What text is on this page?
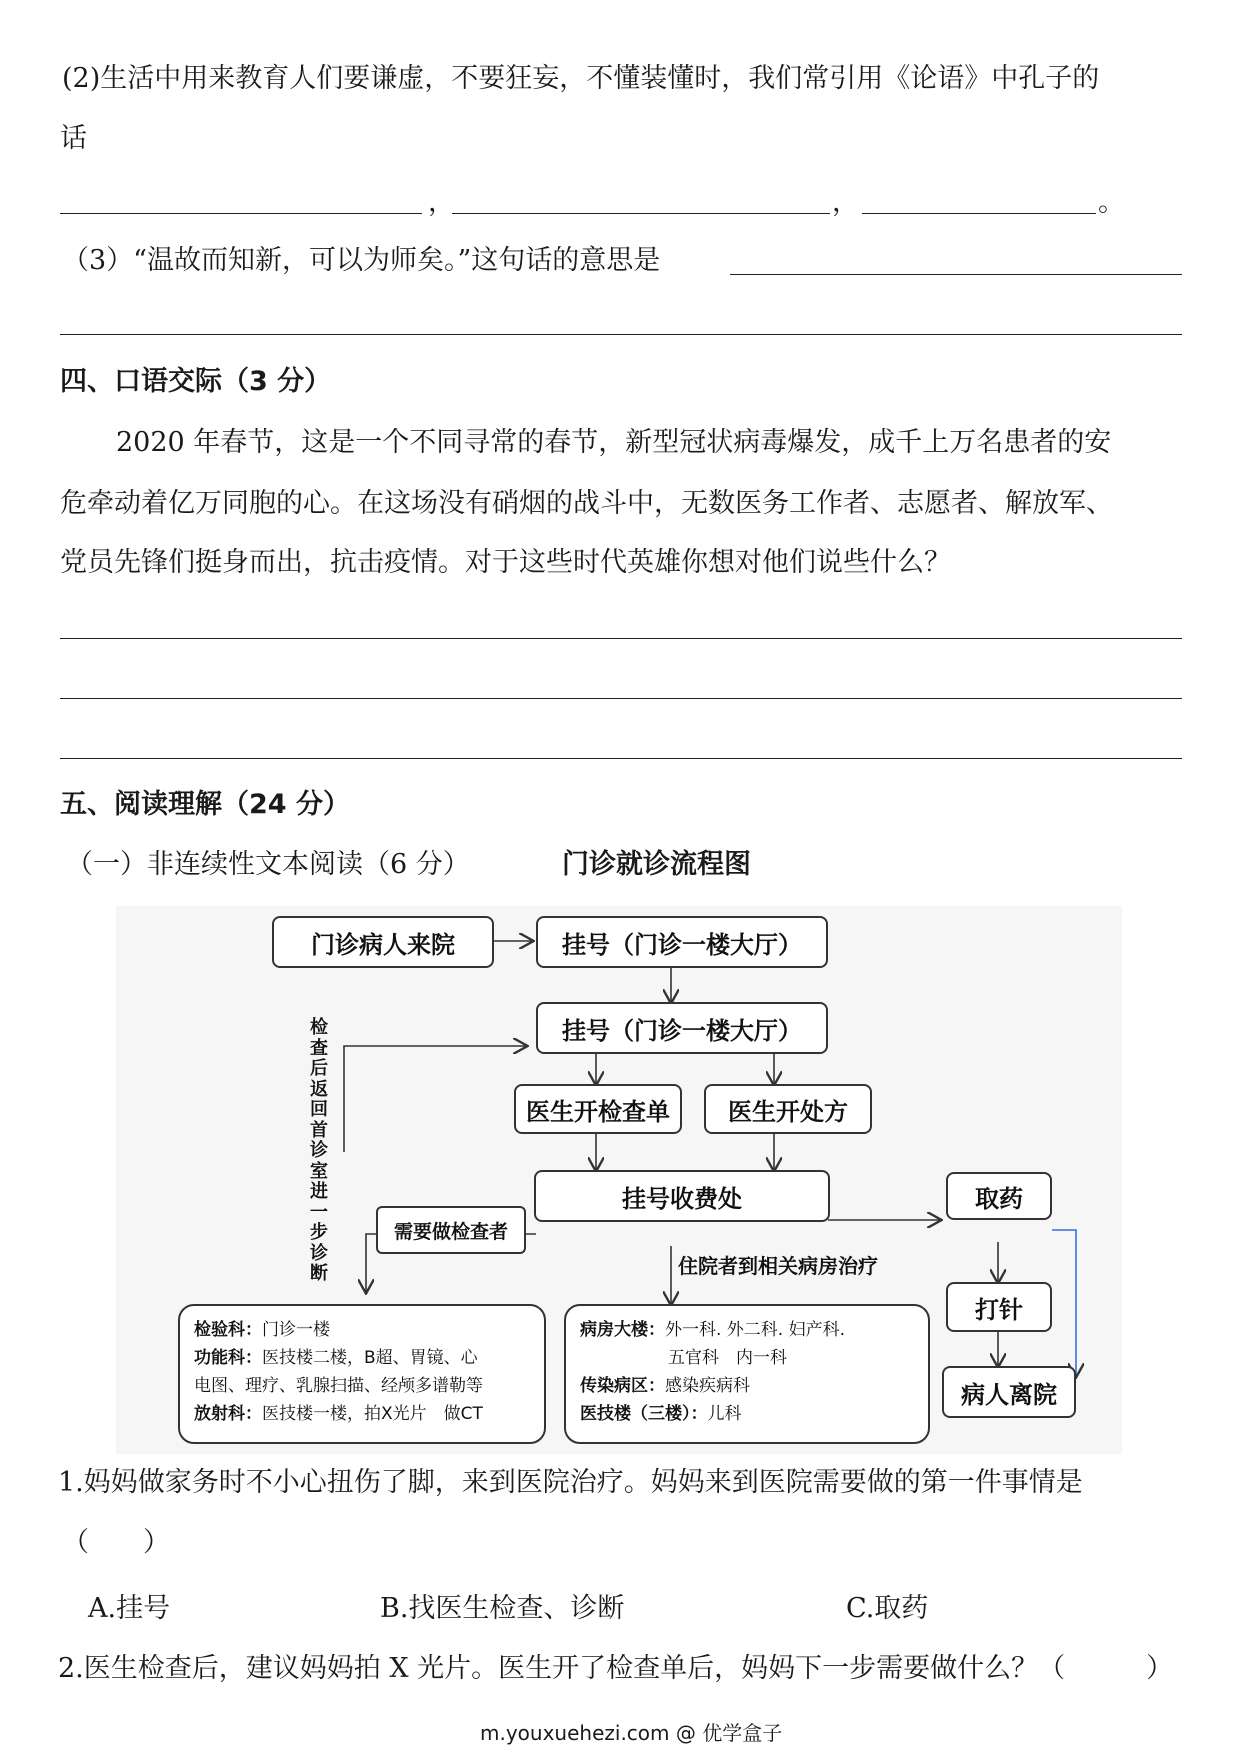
(2)生活中用来教育人们要谦虚，不要狂妄，不懂装懂时，我们常引用《论语》中孔子的
话
，	，	。
（3）“温故而知新，可以为师矣。”这句话的意思是
四、口语交际（3 分）
2020 年春节，这是一个不同寻常的春节，新型冠状病毒爆发，成千上万名患者的安
危牵动着亿万同胞的心。在这场没有硝烟的战斗中，无数医务工作者、志愿者、解放军、
党员先锋们挺身而出，抗击疫情。对于这些时代英雄你想对他们说些什么？
五、阅读理解（24 分）
（一）非连续性文本阅读（6 分）	门诊就诊流程图
门诊病人来院	挂号（门诊一楼大厅）
挂号（门诊一楼大厅）
医生开检查单	医生开处方
挂号收费处	取药
打针
病人离院
需要做检查者
住院者到相关病房治疗
检查后返回首诊室进一步诊断
检验科：门诊一楼
功能科：医技楼二楼，B超、胃镜、心
电图、理疗、乳腺扫描、经颅多谱勒等
放射科：医技楼一楼，拍X光片　做CT
病房大楼：外一科. 外二科. 妇产科.
五官科　内一科
传染病区：感染疾病科
医技楼（三楼）：儿科
1.妈妈做家务时不小心扭伤了脚，来到医院治疗。妈妈来到医院需要做的第一件事情是
（　　）
A.挂号	B.找医生检查、诊断	C.取药
2.医生检查后，建议妈妈拍 X 光片。医生开了检查单后，妈妈下一步需要做什么？（　　　）
m.youxuehezi.com @ 优学盒子
